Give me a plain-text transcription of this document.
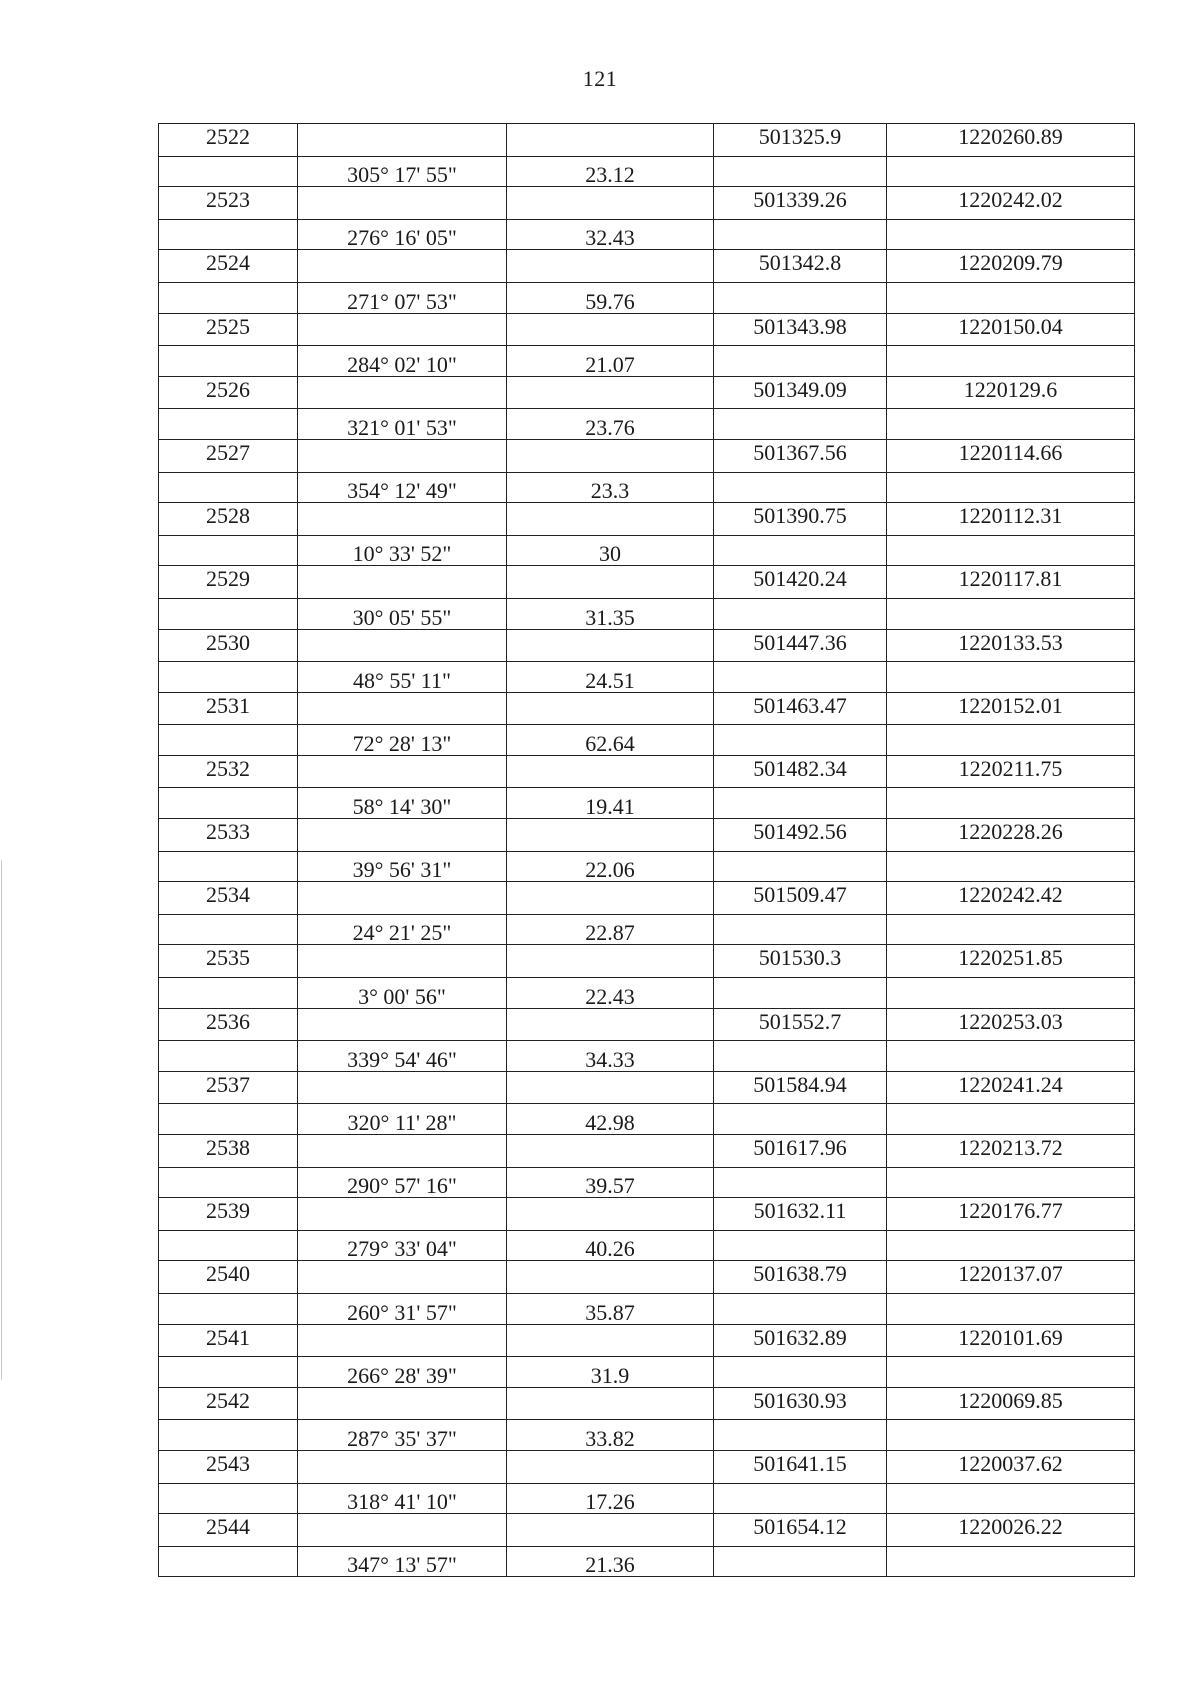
121
2522			501325.9	1220260.89
	305° 17' 55"	23.12		
2523			501339.26	1220242.02
	276° 16' 05"	32.43		
2524			501342.8	1220209.79
	271° 07' 53"	59.76		
2525			501343.98	1220150.04
	284° 02' 10"	21.07		
2526			501349.09	1220129.6
	321° 01' 53"	23.76		
2527			501367.56	1220114.66
	354° 12' 49"	23.3		
2528			501390.75	1220112.31
	10° 33' 52"	30		
2529			501420.24	1220117.81
	30° 05' 55"	31.35		
2530			501447.36	1220133.53
	48° 55' 11"	24.51		
2531			501463.47	1220152.01
	72° 28' 13"	62.64		
2532			501482.34	1220211.75
	58° 14' 30"	19.41		
2533			501492.56	1220228.26
	39° 56' 31"	22.06		
2534			501509.47	1220242.42
	24° 21' 25"	22.87		
2535			501530.3	1220251.85
	3° 00' 56"	22.43		
2536			501552.7	1220253.03
	339° 54' 46"	34.33		
2537			501584.94	1220241.24
	320° 11' 28"	42.98		
2538			501617.96	1220213.72
	290° 57' 16"	39.57		
2539			501632.11	1220176.77
	279° 33' 04"	40.26		
2540			501638.79	1220137.07
	260° 31' 57"	35.87		
2541			501632.89	1220101.69
	266° 28' 39"	31.9		
2542			501630.93	1220069.85
	287° 35' 37"	33.82		
2543			501641.15	1220037.62
	318° 41' 10"	17.26		
2544			501654.12	1220026.22
	347° 13' 57"	21.36		
